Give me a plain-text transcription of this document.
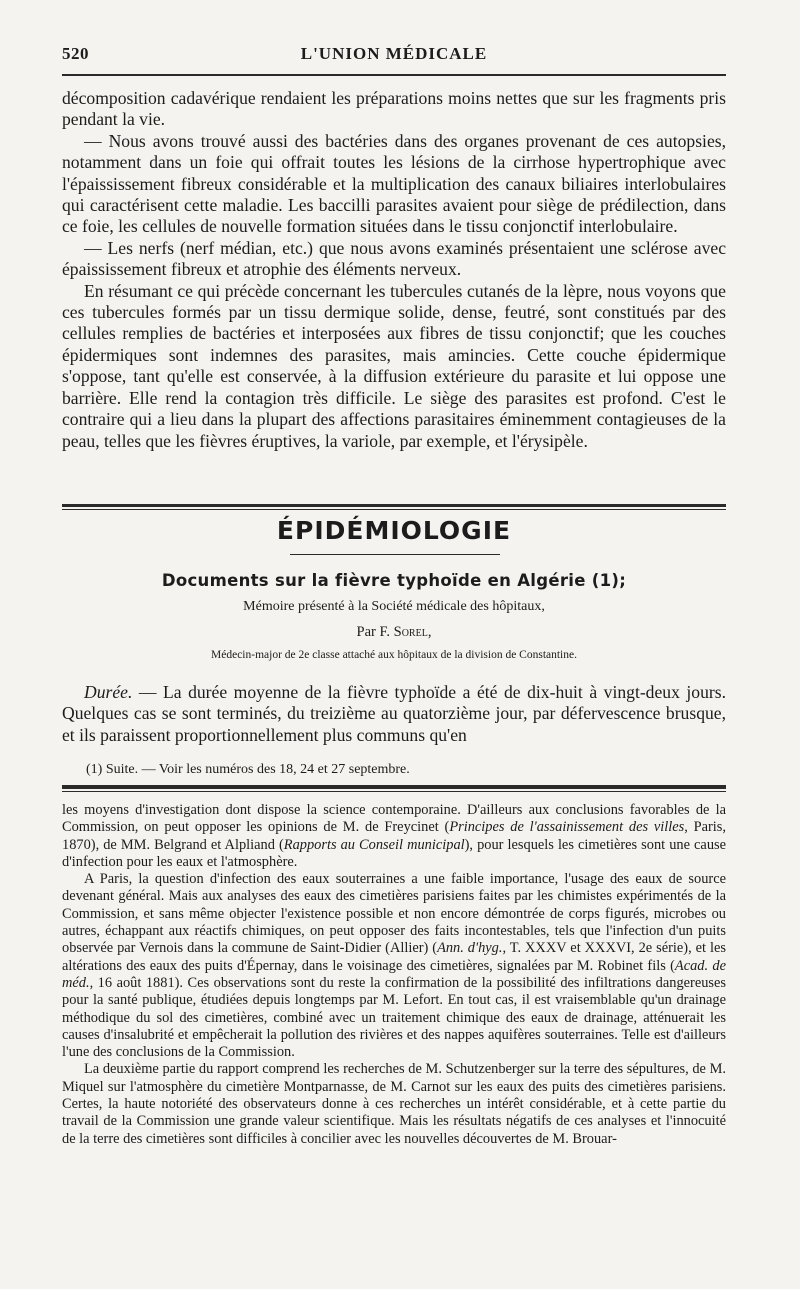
520	L'UNION MÉDICALE

décomposition cadavérique rendaient les préparations moins nettes que sur les fragments pris pendant la vie.

— Nous avons trouvé aussi des bactéries dans des organes provenant de ces autopsies, notamment dans un foie qui offrait toutes les lésions de la cirrhose hypertrophique avec l'épaississement fibreux considérable et la multiplication des canaux biliaires interlobulaires qui caractérisent cette maladie. Les baccilli parasites avaient pour siège de prédilection, dans ce foie, les cellules de nouvelle formation situées dans le tissu conjonctif interlobulaire.

— Les nerfs (nerf médian, etc.) que nous avons examinés présentaient une sclérose avec épaississement fibreux et atrophie des éléments nerveux.

En résumant ce qui précède concernant les tubercules cutanés de la lèpre, nous voyons que ces tubercules formés par un tissu dermique solide, dense, feutré, sont constitués par des cellules remplies de bactéries et interposées aux fibres de tissu conjonctif; que les couches épidermiques sont indemnes des parasites, mais amincies. Cette couche épidermique s'oppose, tant qu'elle est conservée, à la diffusion extérieure du parasite et lui oppose une barrière. Elle rend la contagion très difficile. Le siège des parasites est profond. C'est le contraire qui a lieu dans la plupart des affections parasitaires éminemment contagieuses de la peau, telles que les fièvres éruptives, la variole, par exemple, et l'érysipèle.

ÉPIDÉMIOLOGIE
Documents sur la fièvre typhoïde en Algérie (1);
Mémoire présenté à la Société médicale des hôpitaux,
Par F. Sorel,
Médecin-major de 2e classe attaché aux hôpitaux de la division de Constantine.

Durée. — La durée moyenne de la fièvre typhoïde a été de dix-huit à vingt-deux jours. Quelques cas se sont terminés, du treizième au quatorzième jour, par défervescence brusque, et ils paraissent proportionnellement plus communs qu'en

(1) Suite. — Voir les numéros des 18, 24 et 27 septembre.

les moyens d'investigation dont dispose la science contemporaine. D'ailleurs aux conclusions favorables de la Commission, on peut opposer les opinions de M. de Freycinet (Principes de l'assainissement des villes, Paris, 1870), de MM. Belgrand et Alpliand (Rapports au Conseil municipal), pour lesquels les cimetières sont une cause d'infection pour les eaux et l'atmosphère.

A Paris, la question d'infection des eaux souterraines a une faible importance, l'usage des eaux de source devenant général. Mais aux analyses des eaux des cimetières parisiens faites par les chimistes expérimentés de la Commission, et sans même objecter l'existence possible et non encore démontrée de corps figurés, microbes ou autres, échappant aux réactifs chimiques, on peut opposer des faits incontestables, tels que l'infection d'un puits observée par Vernois dans la commune de Saint-Didier (Allier) (Ann. d'hyg., T. XXXV et XXXVI, 2e série), et les altérations des eaux des puits d'Épernay, dans le voisinage des cimetières, signalées par M. Robinet fils (Acad. de méd., 16 août 1881). Ces observations sont du reste la confirmation de la possibilité des infiltrations dangereuses pour la santé publique, étudiées depuis longtemps par M. Lefort. En tout cas, il est vraisemblable qu'un drainage méthodique du sol des cimetières, combiné avec un traitement chimique des eaux de drainage, atténuerait les causes d'insalubrité et empêcherait la pollution des rivières et des nappes aquifères souterraines. Telle est d'ailleurs l'une des conclusions de la Commission.

La deuxième partie du rapport comprend les recherches de M. Schutzenberger sur la terre des sépultures, de M. Miquel sur l'atmosphère du cimetière Montparnasse, de M. Carnot sur les eaux des puits des cimetières parisiens. Certes, la haute notoriété des observateurs donne à ces recherches un intérêt considérable, et à cette partie du travail de la Commission une grande valeur scientifique. Mais les résultats négatifs de ces analyses et l'innocuité de la terre des cimetières sont difficiles à concilier avec les nouvelles découvertes de M. Brouar-
